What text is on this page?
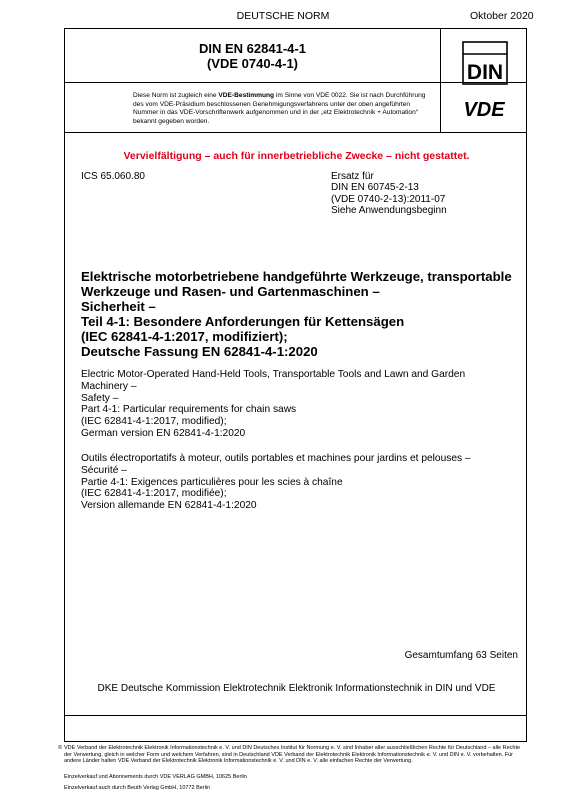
DEUTSCHE NORM	Oktober 2020
DIN EN 62841-4-1
(VDE 0740-4-1)	DIN
VDE
Diese Norm ist zugleich eine VDE-Bestimmung im Sinne von VDE 0022. Sie ist nach Durchführung des vom VDE-Präsidium beschlossenen Genehmigungsverfahrens unter der oben angeführten Nummer in das VDE-Vorschriftenwerk aufgenommen und in der „etz Elektrotechnik + Automation“ bekannt gegeben worden.
Vervielfältigung – auch für innerbetriebliche Zwecke – nicht gestattet.
ICS 65.060.80	Ersatz für
DIN EN 60745-2-13
(VDE 0740-2-13):2011-07
Siehe Anwendungsbeginn
Elektrische motorbetriebene handgeführte Werkzeuge, transportable
Werkzeuge und Rasen- und Gartenmaschinen –
Sicherheit –
Teil 4-1: Besondere Anforderungen für Kettensägen
(IEC 62841-4-1:2017, modifiziert);
Deutsche Fassung EN 62841-4-1:2020
Electric Motor-Operated Hand-Held Tools, Transportable Tools and Lawn and Garden
Machinery –
Safety –
Part 4-1: Particular requirements for chain saws
(IEC 62841-4-1:2017, modified);
German version EN 62841-4-1:2020
Outils électroportatifs à moteur, outils portables et machines pour jardins et pelouses –
Sécurité –
Partie 4-1: Exigences particulières pour les scies à chaîne
(IEC 62841-4-1:2017, modifiée);
Version allemande EN 62841-4-1:2020
Gesamtumfang 63 Seiten
DKE Deutsche Kommission Elektrotechnik Elektronik Informationstechnik in DIN und VDE
© VDE Verband der Elektrotechnik Elektronik Informationstechnik e. V. und DIN Deutsches Institut für Normung e. V. sind Inhaber aller ausschließlichen Rechte für Deutschland – alle Rechte der Verwertung, gleich in welcher Form und welchem Verfahren, sind in Deutschland VDE Verband der Elektrotechnik Elektronik Informationstechnik e. V. und DIN e. V. vorbehalten. Für andere Länder halten VDE Verband der Elektrotechnik Elektronik Informationstechnik e. V. und DIN e. V. alle einfachen Rechte der Verwertung.
Einzelverkauf und Abonnements durch VDE VERLAG GMBH, 10625 Berlin
Einzelverkauf auch durch Beuth Verlag GmbH, 10772 Berlin
